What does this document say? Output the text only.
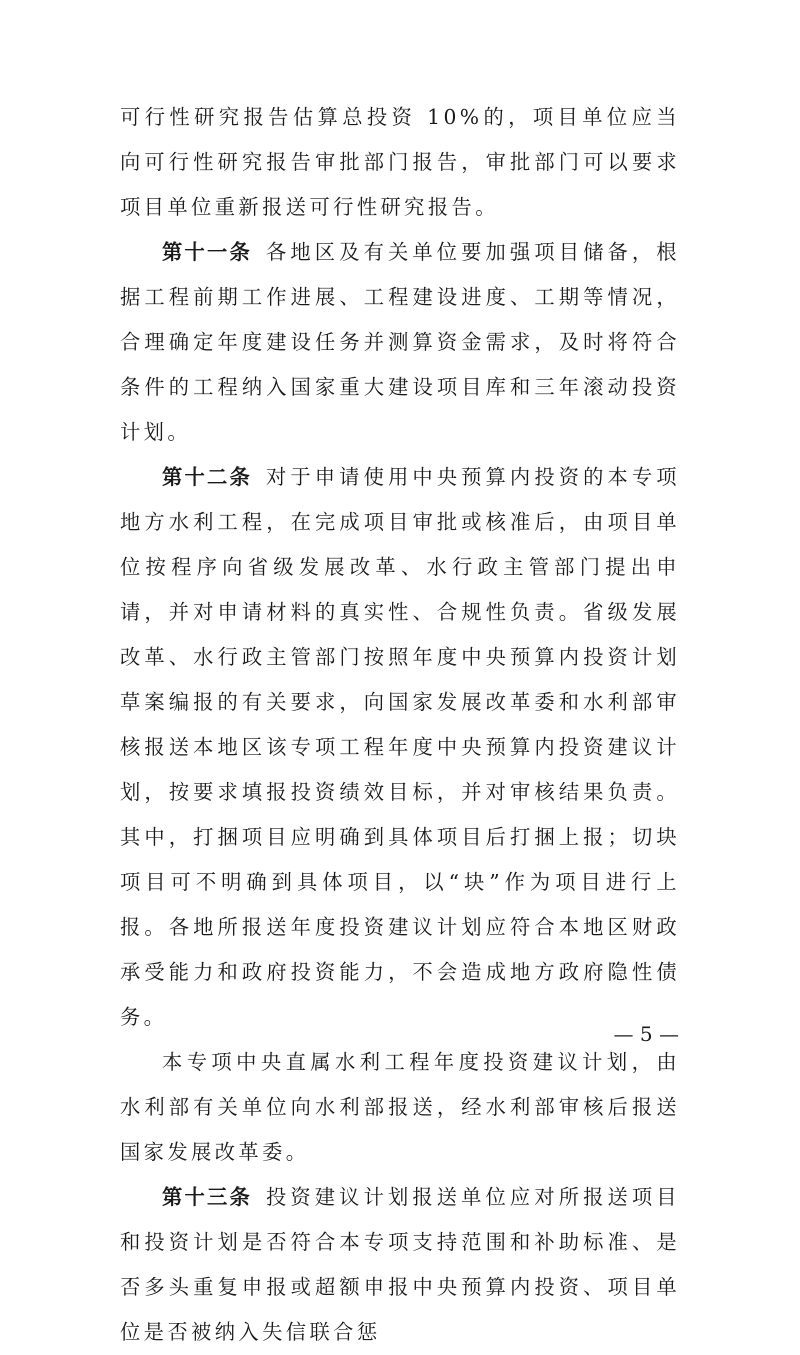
可行性研究报告估算总投资 10%的，项目单位应当向可行性研究报告审批部门报告，审批部门可以要求项目单位重新报送可行性研究报告。

第十一条 各地区及有关单位要加强项目储备，根据工程前期工作进展、工程建设进度、工期等情况，合理确定年度建设任务并测算资金需求，及时将符合条件的工程纳入国家重大建设项目库和三年滚动投资计划。

第十二条 对于申请使用中央预算内投资的本专项地方水利工程，在完成项目审批或核准后，由项目单位按程序向省级发展改革、水行政主管部门提出申请，并对申请材料的真实性、合规性负责。省级发展改革、水行政主管部门按照年度中央预算内投资计划草案编报的有关要求，向国家发展改革委和水利部审核报送本地区该专项工程年度中央预算内投资建议计划，按要求填报投资绩效目标，并对审核结果负责。其中，打捆项目应明确到具体项目后打捆上报；切块项目可不明确到具体项目，以“块”作为项目进行上报。各地所报送年度投资建议计划应符合本地区财政承受能力和政府投资能力，不会造成地方政府隐性债务。

本专项中央直属水利工程年度投资建议计划，由水利部有关单位向水利部报送，经水利部审核后报送国家发展改革委。

第十三条 投资建议计划报送单位应对所报送项目和投资计划是否符合本专项支持范围和补助标准、是否多头重复申报或超额申报中央预算内投资、项目单位是否被纳入失信联合惩

— 5 —
